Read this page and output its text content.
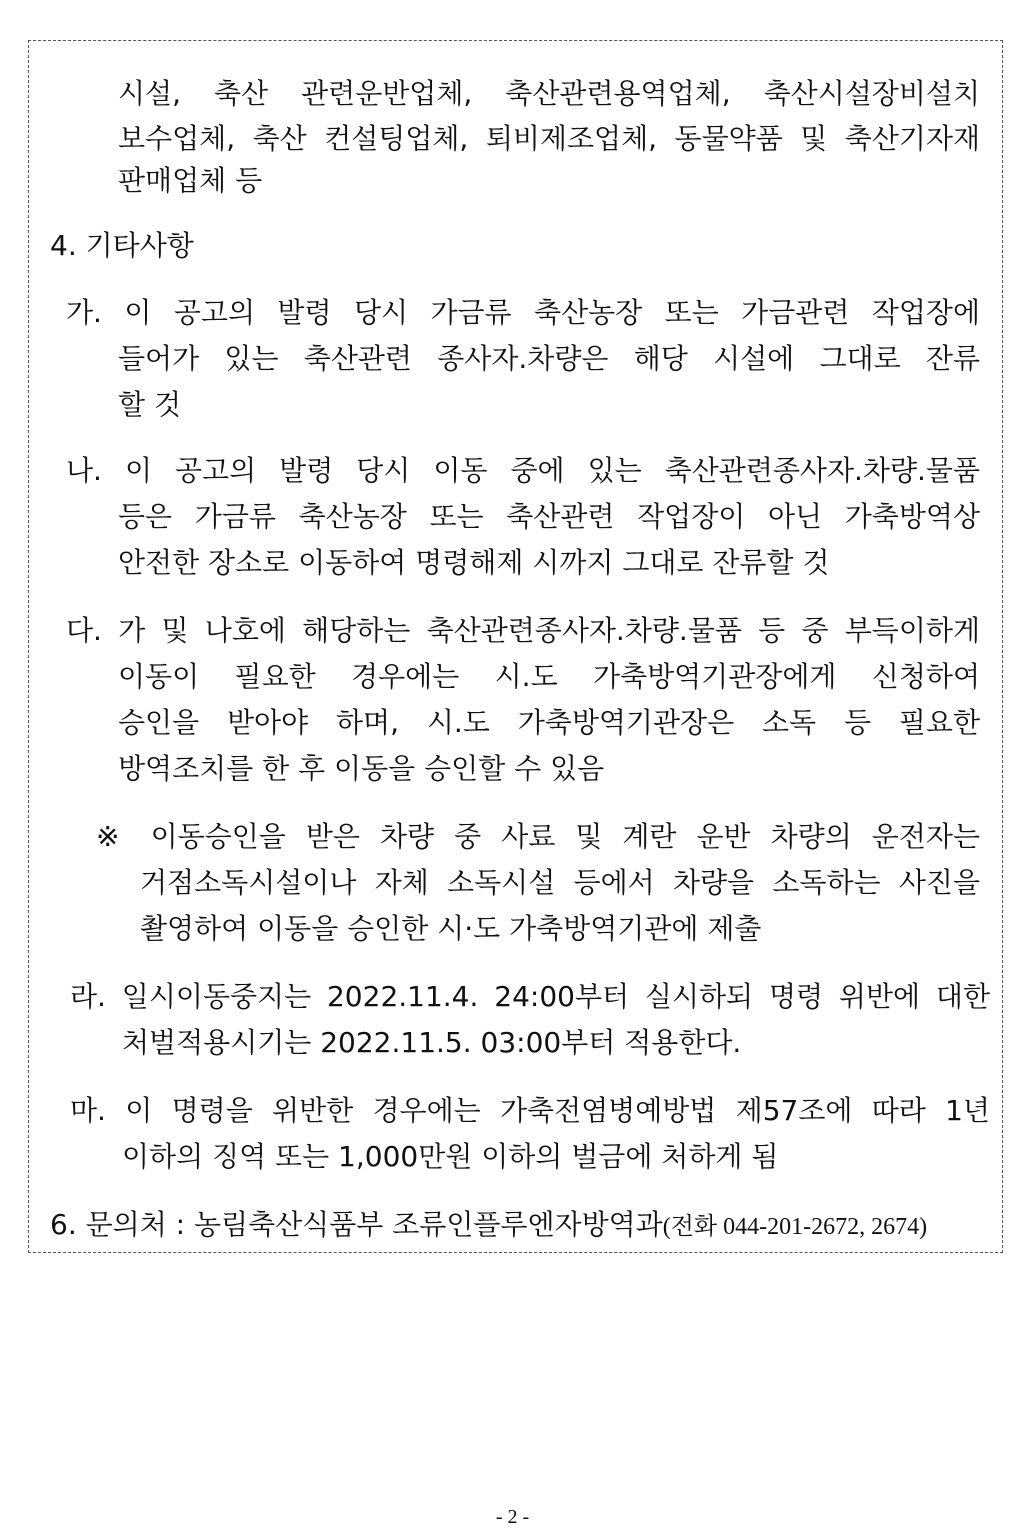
시설, 축산 관련운반업체, 축산관련용역업체, 축산시설장비설치
보수업체, 축산 컨설팅업체, 퇴비제조업체, 동물약품 및 축산기자재
판매업체 등
4. 기타사항
가. 이 공고의 발령 당시 가금류 축산농장 또는 가금관련 작업장에
들어가 있는 축산관련 종사자.차량은 해당 시설에 그대로 잔류
할 것
나. 이 공고의 발령 당시 이동 중에 있는 축산관련종사자.차량.물품
등은 가금류 축산농장 또는 축산관련 작업장이 아닌 가축방역상
안전한 장소로 이동하여 명령해제 시까지 그대로 잔류할 것
다. 가 및 나호에 해당하는 축산관련종사자.차량.물품 등 중 부득이하게
이동이 필요한 경우에는 시.도 가축방역기관장에게 신청하여
승인을 받아야 하며, 시.도 가축방역기관장은 소독 등 필요한
방역조치를 한 후 이동을 승인할 수 있음
※ 이동승인을 받은 차량 중 사료 및 계란 운반 차량의 운전자는
거점소독시설이나 자체 소독시설 등에서 차량을 소독하는 사진을
촬영하여 이동을 승인한 시·도 가축방역기관에 제출
라. 일시이동중지는 2022.11.4. 24:00부터 실시하되 명령 위반에 대한
처벌적용시기는 2022.11.5. 03:00부터 적용한다.
마. 이 명령을 위반한 경우에는 가축전염병예방법 제57조에 따라 1년
이하의 징역 또는 1,000만원 이하의 벌금에 처하게 됨
6. 문의처 : 농림축산식품부 조류인플루엔자방역과(전화 044-201-2672, 2674)
- 2 -
